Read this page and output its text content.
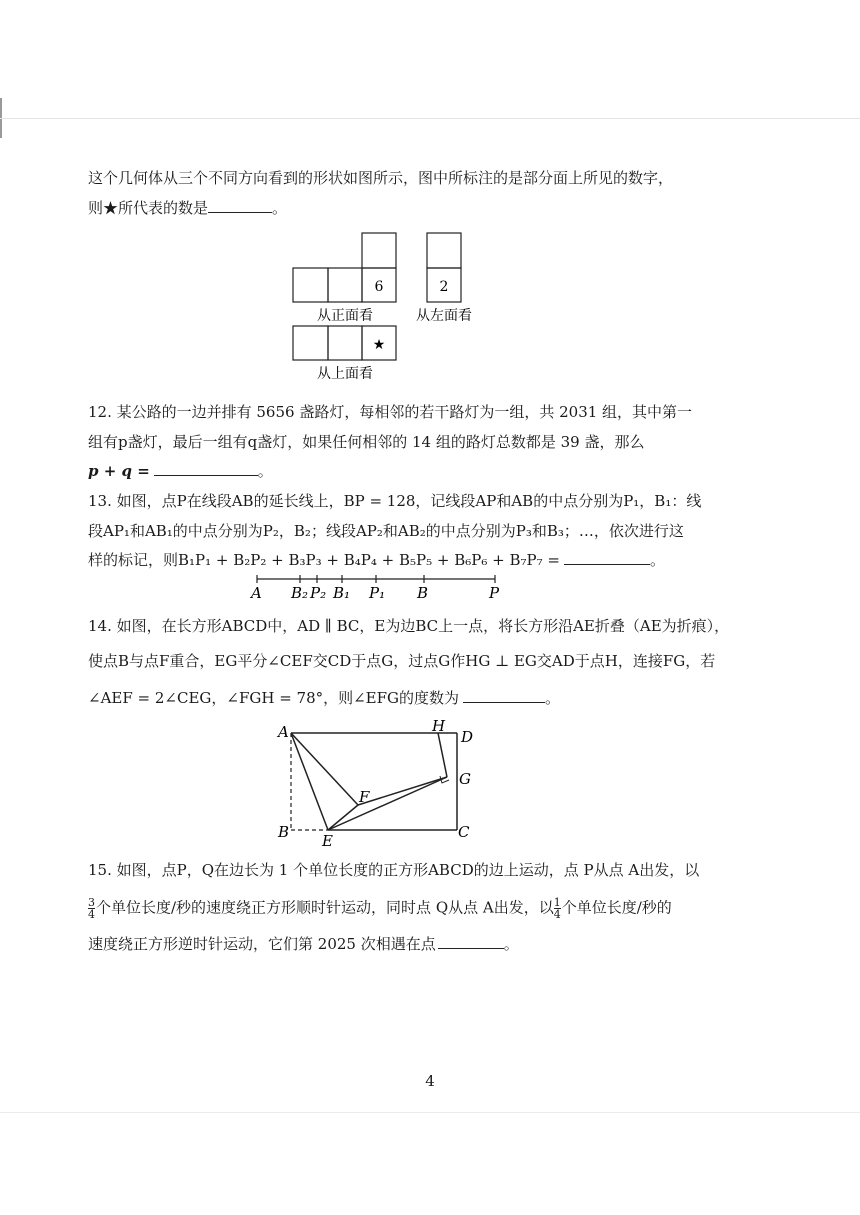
这个几何体从三个不同方向看到的形状如图所示，图中所标注的是部分面上所见的数字，
则★所代表的数是	。
6	2
★
从正面看	从左面看
从上面看
12. 某公路的一边并排有 5656 盏路灯，每相邻的若干路灯为一组，共 2031 组，其中第一
组有p盏灯，最后一组有q盏灯，如果任何相邻的 14 组的路灯总数都是 39 盏，那么
p + q =	。
13. 如图，点P在线段AB的延长线上，BP = 128，记线段AP和AB的中点分别为P₁，B₁：线
段AP₁和AB₁的中点分别为P₂，B₂；线段AP₂和AB₂的中点分别为P₃和B₃；…，依次进行这
样的标记，则B₁P₁ + B₂P₂ + B₃P₃ + B₄P₄ + B₅P₅ + B₆P₆ + B₇P₇ =	。
A B₂ P₂ B₁ P₁ B	P
14. 如图，在长方形ABCD中，AD ∥ BC，E为边BC上一点，将长方形沿AE折叠（AE为折痕），
使点B与点F重合，EG平分∠CEF交CD于点G，过点G作HG ⊥ EG交AD于点H，连接FG，若
∠AEF = 2∠CEG，∠FGH = 78°，则∠EFG的度数为	。
A	H
D
G
F
B E	C
15. 如图，点P，Q在边长为 1 个单位长度的正方形ABCD的边上运动，点 P从点 A出发，以
$\frac{3}{4}$ 个单位长度/秒的速度绕正方形顺时针运动，同时点 Q从点 A出发，以 $\frac{1}{4}$ 个单位长度/秒的
速度绕正方形逆时针运动，它们第 2025 次相遇在点	。
4
